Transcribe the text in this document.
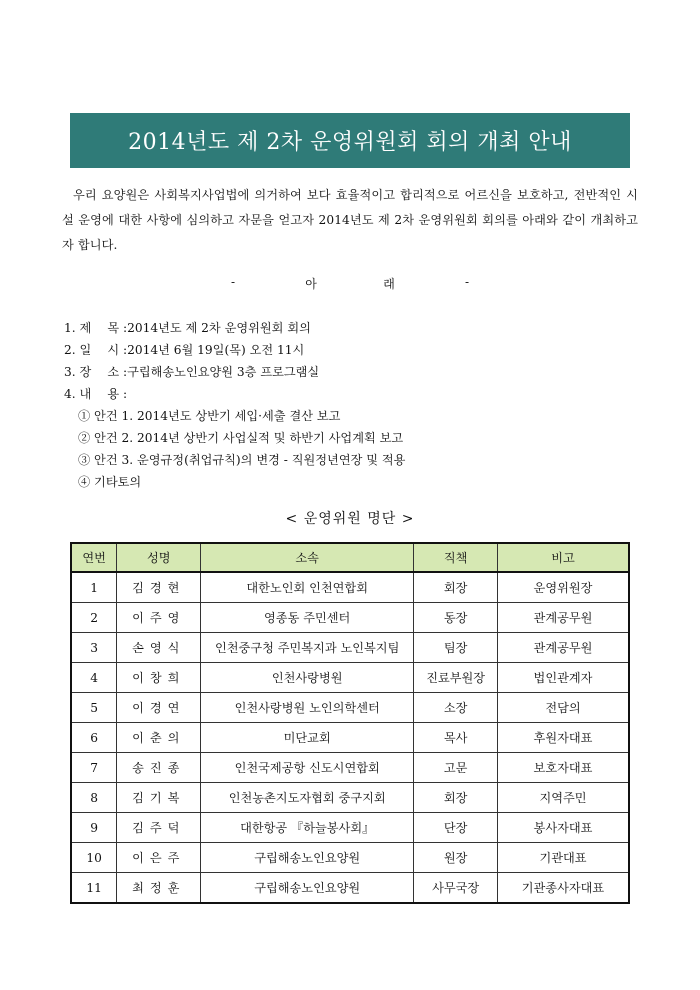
2014년도 제 2차 운영위원회 회의 개최 안내
우리 요양원은 사회복지사업법에 의거하여 보다 효율적이고 합리적으로 어르신을 보호하고, 전반적인 시설 운영에 대한 사항에 심의하고 자문을 얻고자 2014년도 제 2차 운영위원회 회의를 아래와 같이 개최하고자 합니다.
-	아	래	-
1. 제　 목 :2014년도 제 2차 운영위원회 회의
2. 일　 시 :2014년 6월 19일(목) 오전 11시
3. 장　 소 :구립해송노인요양원 3층 프로그램실
4. 내　 용 :
① 안건 1. 2014년도 상반기 세입·세출 결산 보고
② 안건 2. 2014년 상반기 사업실적 및 하반기 사업계획 보고
③ 안건 3. 운영규정(취업규칙)의 변경 - 직원정년연장 및 적용
④ 기타토의
< 운영위원 명단 >
연번	성명	소속	직책	비고
1	김경현	대한노인회 인천연합회	회장	운영위원장
2	이주영	영종동 주민센터	동장	관계공무원
3	손영식	인천중구청 주민복지과 노인복지팀	팀장	관계공무원
4	이창희	인천사랑병원	진료부원장	법인관계자
5	이경연	인천사랑병원 노인의학센터	소장	전담의
6	이춘의	미단교회	목사	후원자대표
7	송진종	인천국제공항 신도시연합회	고문	보호자대표
8	김기복	인천농촌지도자협회 중구지회	회장	지역주민
9	김주덕	대한항공 『하늘봉사회』	단장	봉사자대표
10	이은주	구립해송노인요양원	원장	기관대표
11	최정훈	구립해송노인요양원	사무국장	기관종사자대표
